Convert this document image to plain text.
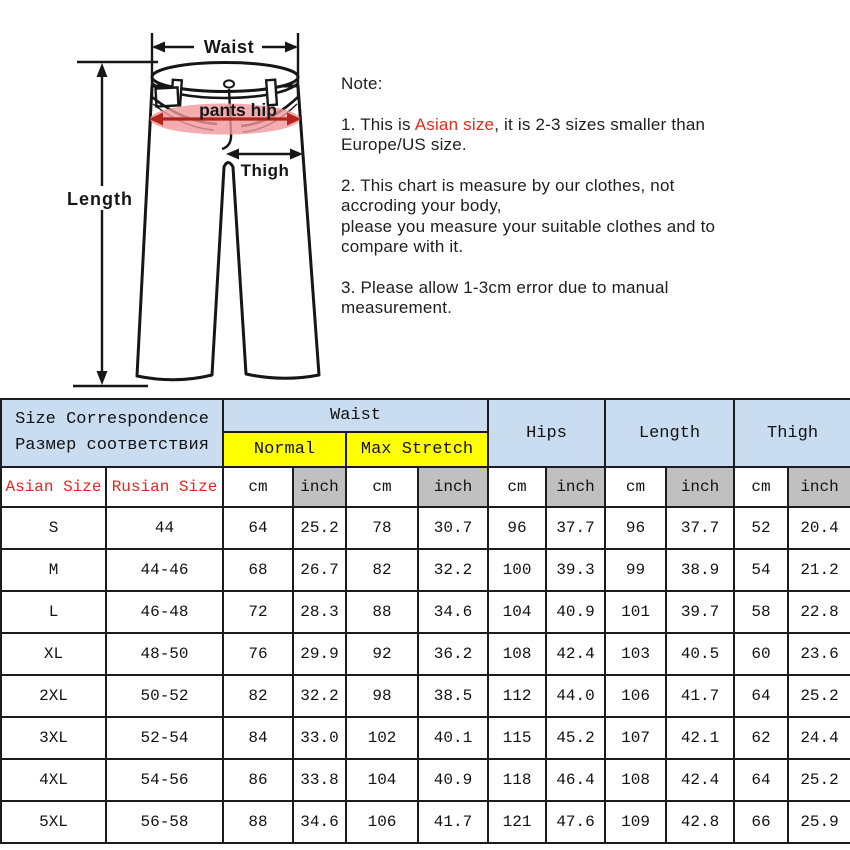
pants hip
Waist
Length
Thigh

Note:

1. This is Asian size, it is 2-3 sizes smaller than
Europe/US size.

2. This chart is measure by our clothes, not
accroding your body,
please you measure your suitable clothes and to
compare with it.

3. Please allow 1-3cm error due to manual
measurement.

Size Correspondence
Размер соответствия		Waist				Hips		Length		Thigh	
		Normal		Max Stretch							
Asian Size	Rusian Size	cm	inch	cm	inch	cm	inch	cm	inch	cm	inch
S	44	64	25.2	78	30.7	96	37.7	96	37.7	52	20.4
M	44-46	68	26.7	82	32.2	100	39.3	99	38.9	54	21.2
L	46-48	72	28.3	88	34.6	104	40.9	101	39.7	58	22.8
XL	48-50	76	29.9	92	36.2	108	42.4	103	40.5	60	23.6
2XL	50-52	82	32.2	98	38.5	112	44.0	106	41.7	64	25.2
3XL	52-54	84	33.0	102	40.1	115	45.2	107	42.1	62	24.4
4XL	54-56	86	33.8	104	40.9	118	46.4	108	42.4	64	25.2
5XL	56-58	88	34.6	106	41.7	121	47.6	109	42.8	66	25.9
